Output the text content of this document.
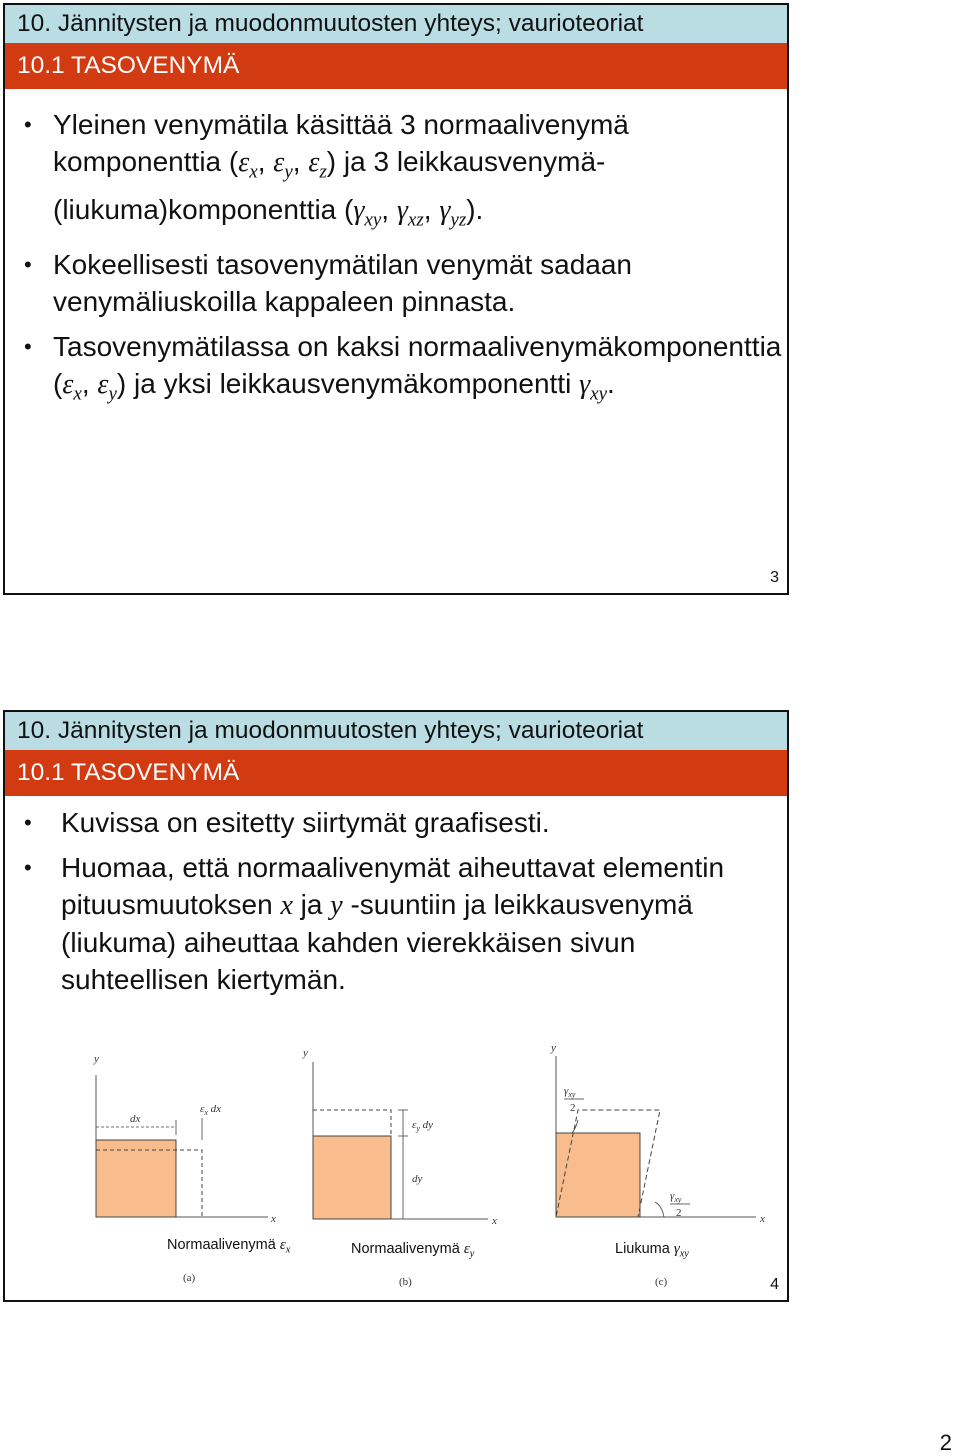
10. Jännitysten ja muodonmuutosten yhteys; vaurioteoriat
10.1 TASOVENYMÄ
• Yleinen venymätila käsittää 3 normaalivenymä komponenttia ($\varepsilon_x$, $\varepsilon_y$, $\varepsilon_z$) ja 3 leikkausvenymä-(liukuma)komponenttia ($\gamma_{xy}$, $\gamma_{xz}$, $\gamma_{yz}$).
• Kokeellisesti tasovenymätilan venymät sadaan venymäliuskoilla kappaleen pinnasta.
• Tasovenymätilassa on kaksi normaalivenymäkomponenttia ($\varepsilon_x$, $\varepsilon_y$) ja yksi leikkausvenymäkomponentti $\gamma_{xy}$.
3
10. Jännitysten ja muodonmuutosten yhteys; vaurioteoriat
10.1 TASOVENYMÄ
• Kuvissa on esitetty siirtymät graafisesti.
• Huomaa, että normaalivenymät aiheuttavat elementin pituusmuutoksen x ja y -suuntiin ja leikkausvenymä (liukuma) aiheuttaa kahden vierekkäisen sivun suhteellisen kiertymän.
4
y
x
dx
$\varepsilon_x$ dx
(a)
y
x
dy
$\varepsilon_y$ dy
(b)
y
x
$\gamma_{xy}$
2
$\gamma_{xy}$
2
(c)
Normaalivenymä $\varepsilon_x$	Normaalivenymä $\varepsilon_y$	Liukuma $\gamma_{xy}$
2
